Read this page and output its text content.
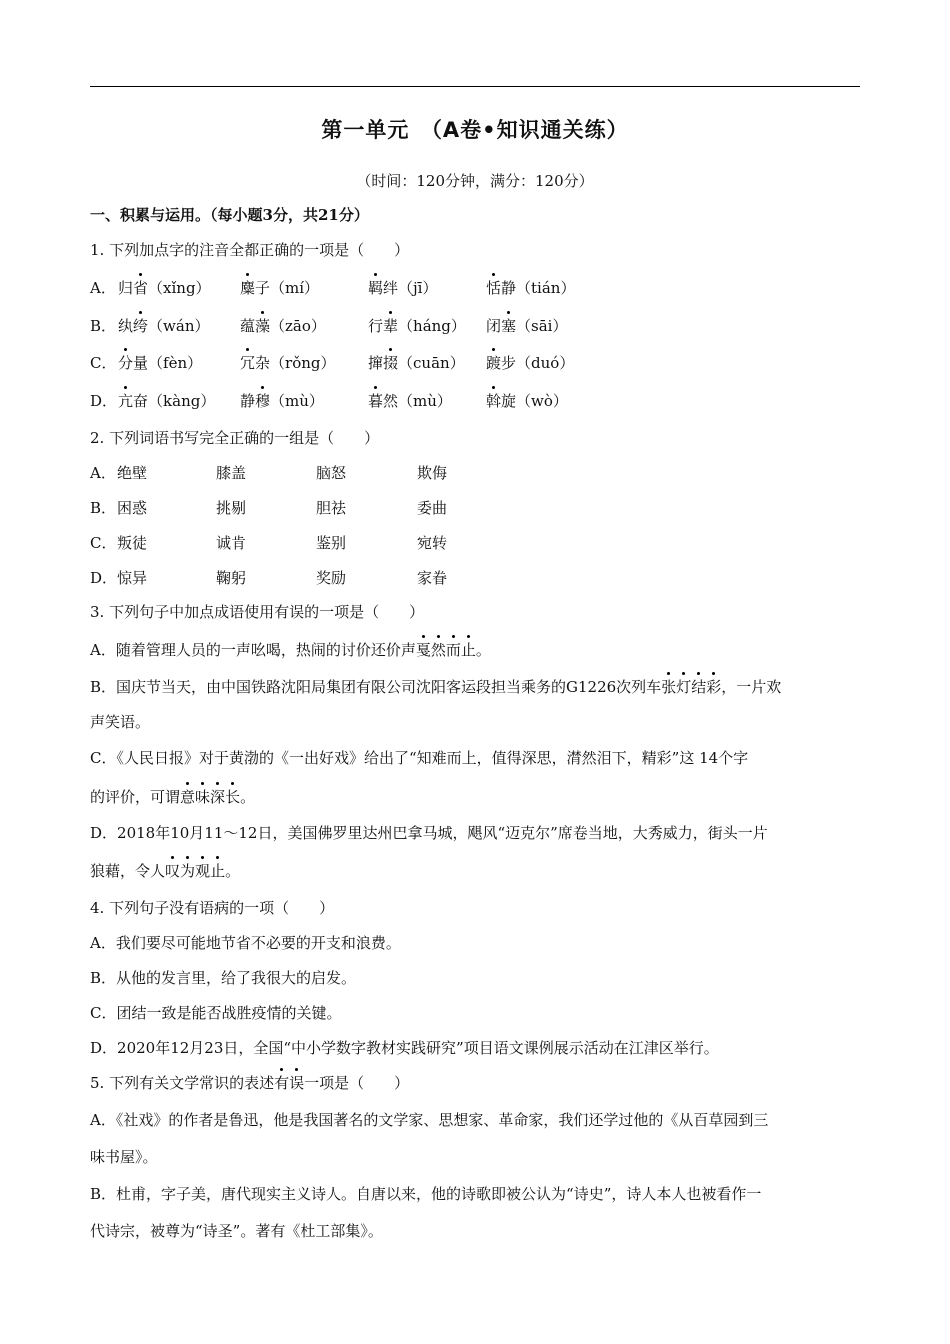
第一单元　（A卷•知识通关练）
（时间：120分钟，满分：120分）
一、积累与运用。（每小题3分，共21分）
1. 下列加点字的注音全都正确的一项是（　　）
A． 归省（xǐng） 麋子（mí）	羁绊（jī）	恬静（tián）
B． 纨绔（wán） 蕴藻（zāo）	行辈（háng） 闭塞（sāi）
C． 分量（fèn）	冗杂（rǒng） 撺掇（cuān） 踱步（duó）
D． 亢奋（kàng） 静穆（mù）	暮然（mù） 斡旋（wò）
2. 下列词语书写完全正确的一组是（　　）
A． 绝壁	膝盖	脑怒	欺侮
B． 困惑	挑剔	胆祛	委曲
C． 叛徒	诚肯	鉴别	宛转
D． 惊异	鞠躬	奖励	家眷
3. 下列句子中加点成语使用有误的一项是（　　）
A．随着管理人员的一声吆喝，热闹的讨价还价声戛然而止。
B．国庆节当天，由中国铁路沈阳局集团有限公司沈阳客运段担当乘务的G1226次列车张灯结彩，一片欢
声笑语。
C．《人民日报》对于黄渤的《一出好戏》给出了“知难而上，值得深思，潸然泪下，精彩”这 14个字
的评价，可谓意味深长。
D．2018年10月11～12日，美国佛罗里达州巴拿马城，飓风“迈克尔”席卷当地，大秀威力，街头一片
狼藉，令人叹为观止。
4. 下列句子没有语病的一项（　　）
A．我们要尽可能地节省不必要的开支和浪费。
B．从他的发言里，给了我很大的启发。
C．团结一致是能否战胜疫情的关键。
D．2020年12月23日，全国“中小学数字教材实践研究”项目语文课例展示活动在江津区举行。
5. 下列有关文学常识的表述有误一项是（　　）
A．《社戏》的作者是鲁迅，他是我国著名的文学家、思想家、革命家，我们还学过他的《从百草园到三
味书屋》。
B．杜甫，字子美，唐代现实主义诗人。自唐以来，他的诗歌即被公认为“诗史”，诗人本人也被看作一
代诗宗，被尊为“诗圣”。著有《杜工部集》。
